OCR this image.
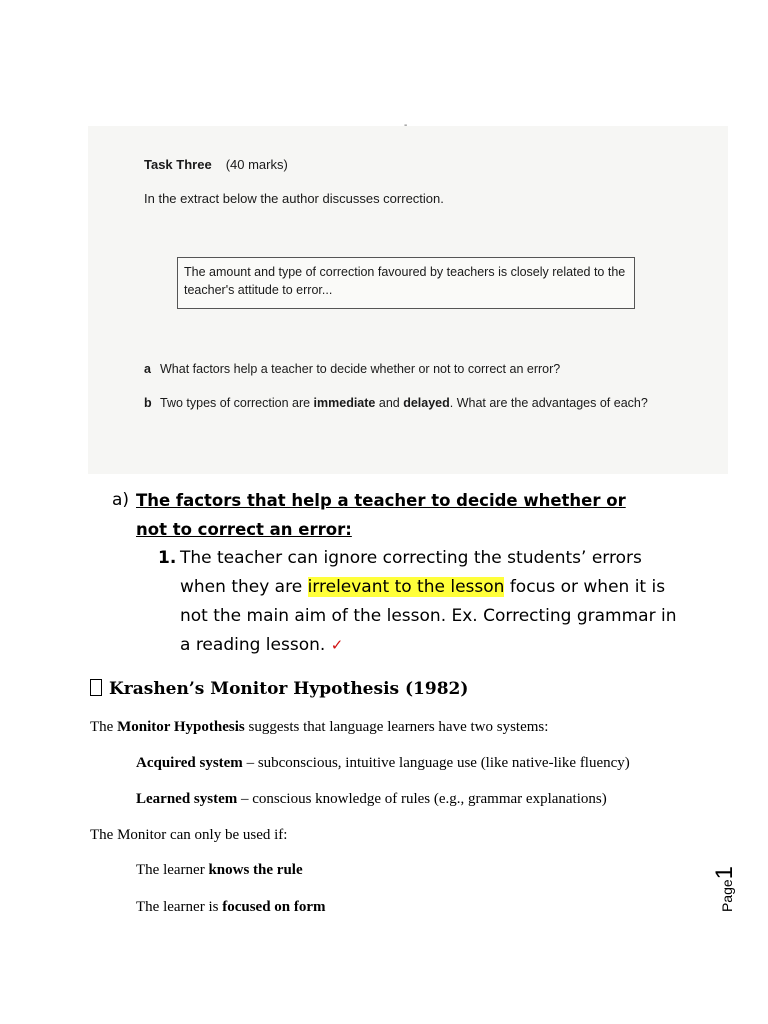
-
Task Three (40 marks)
In the extract below the author discusses correction.
The amount and type of correction favoured by teachers is closely related to the teacher's attitude to error...
a What factors help a teacher to decide whether or not to correct an error?
b Two types of correction are immediate and delayed. What are the advantages of each?
a) The factors that help a teacher to decide whether or not to correct an error:
1. The teacher can ignore correcting the students’ errors when they are irrelevant to the lesson focus or when it is not the main aim of the lesson. Ex. Correcting grammar in a reading lesson. ✓
Krashen’s Monitor Hypothesis (1982)
The Monitor Hypothesis suggests that language learners have two systems:
Acquired system – subconscious, intuitive language use (like native-like fluency)
Learned system – conscious knowledge of rules (e.g., grammar explanations)
The Monitor can only be used if:
The learner knows the rule
The learner is focused on form	Page1
